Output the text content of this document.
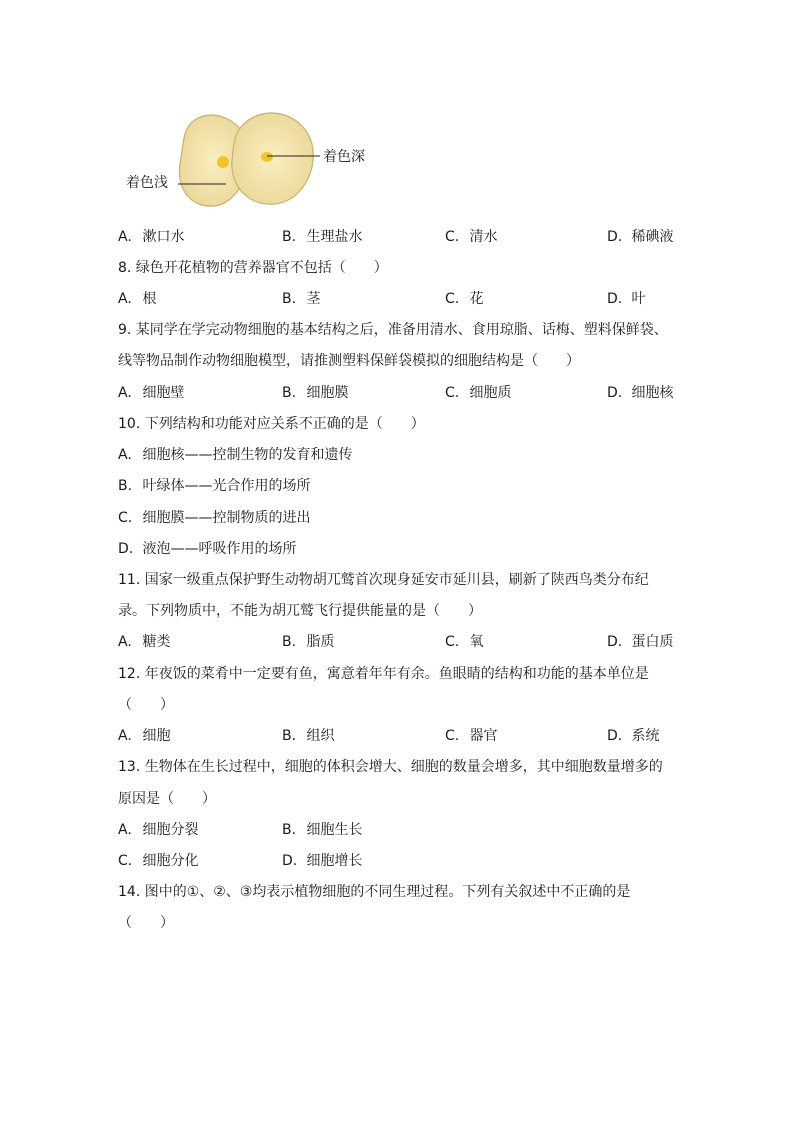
着色深
着色浅
A. 漱口水	B. 生理盐水	C. 清水	D. 稀碘液
8. 绿色开花植物的营养器官不包括（　　）
A. 根	B. 茎	C. 花	D. 叶
9. 某同学在学完动物细胞的基本结构之后，准备用清水、食用琼脂、话梅、塑料保鲜袋、
线等物品制作动物细胞模型，请推测塑料保鲜袋模拟的细胞结构是（　　）
A. 细胞壁	B. 细胞膜	C. 细胞质	D. 细胞核
10. 下列结构和功能对应关系不正确的是（　　）
A. 细胞核——控制生物的发育和遗传
B. 叶绿体——光合作用的场所
C. 细胞膜——控制物质的进出
D. 液泡——呼吸作用的场所
11. 国家一级重点保护野生动物胡兀鹫首次现身延安市延川县，刷新了陕西鸟类分布纪
录。下列物质中，不能为胡兀鹫飞行提供能量的是（　　）
A. 糖类	B. 脂质	C. 氧	D. 蛋白质
12. 年夜饭的菜肴中一定要有鱼，寓意着年年有余。鱼眼睛的结构和功能的基本单位是
（　　）
A. 细胞	B. 组织	C. 器官	D. 系统
13. 生物体在生长过程中，细胞的体积会增大、细胞的数量会增多，其中细胞数量增多的
原因是（　　）
A. 细胞分裂	B. 细胞生长
C. 细胞分化	D. 细胞增长
14. 图中的①、②、③均表示植物细胞的不同生理过程。下列有关叙述中不正确的是
（　　）
